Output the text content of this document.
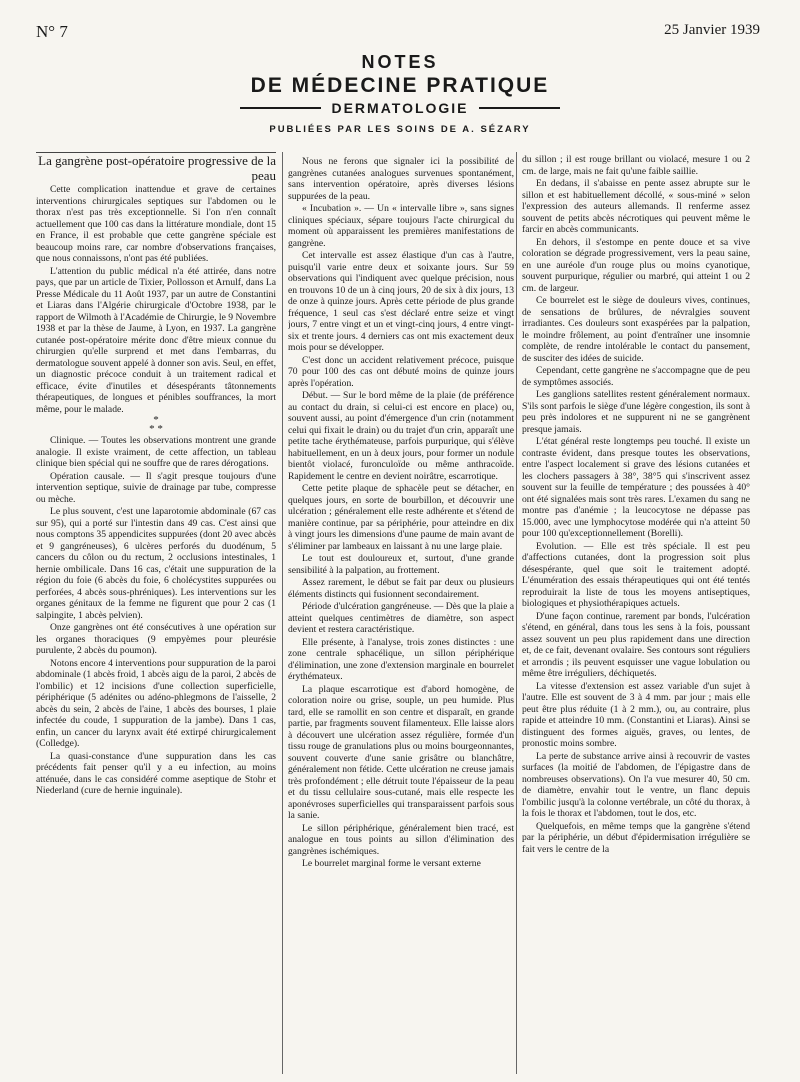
N° 7	25 Janvier 1939
NOTES
DE MÉDECINE PRATIQUE
DERMATOLOGIE
PUBLIÉES PAR LES SOINS DE A. SÉZARY

La gangrène post-opératoire progressive de la peau

Cette complication inattendue et grave de certaines interventions chirurgicales septiques sur l'abdomen ou le thorax n'est pas très exceptionnelle. Si l'on n'en connaît actuellement que 100 cas dans la littérature mondiale, dont 15 en France, il est probable que cette gangrène spéciale est beaucoup moins rare, car nombre d'observations françaises, que nous connaissons, n'ont pas été publiées.

L'attention du public médical n'a été attirée, dans notre pays, que par un article de Tixier, Pollosson et Arnulf, dans La Presse Médicale du 11 Août 1937, par un autre de Constantini et Liaras dans l'Algérie chirurgicale d'Octobre 1938, par le rapport de Wilmoth à l'Académie de Chirurgie, le 9 Novembre 1938 et par la thèse de Jaume, à Lyon, en 1937. La gangrène cutanée post-opératoire mérite donc d'être mieux connue du chirurgien qu'elle surprend et met dans l'embarras, du dermatologue souvent appelé à donner son avis. Seul, en effet, un diagnostic précoce conduit à un traitement radical et efficace, évite d'inutiles et désespérants tâtonnements thérapeutiques, de longues et pénibles souffrances, la mort même, pour le malade.

*
* *

Clinique. — Toutes les observations montrent une grande analogie. Il existe vraiment, de cette affection, un tableau clinique bien spécial qui ne souffre que de rares dérogations.

Opération causale. — Il s'agit presque toujours d'une intervention septique, suivie de drainage par tube, compresse ou mèche.

Le plus souvent, c'est une laparotomie abdominale (67 cas sur 95), qui a porté sur l'intestin dans 49 cas. C'est ainsi que nous comptons 35 appendicites suppurées (dont 20 avec abcès et 9 gangréneuses), 6 ulcères perforés du duodénum, 5 cancers du côlon ou du rectum, 2 occlusions intestinales, 1 hernie ombilicale. Dans 16 cas, c'était une suppuration de la région du foie (6 abcès du foie, 6 cholécystites suppurées ou perforées, 4 abcès sous-phréniques). Les interventions sur les organes génitaux de la femme ne figurent que pour 2 cas (1 salpingite, 1 abcès pelvien).

Onze gangrènes ont été consécutives à une opération sur les organes thoraciques (9 empyèmes pour pleurésie purulente, 2 abcès du poumon).

Notons encore 4 interventions pour suppuration de la paroi abdominale (1 abcès froid, 1 abcès aigu de la paroi, 2 abcès de l'ombilic) et 12 incisions d'une collection superficielle, périphérique (5 adénites ou adéno-phlegmons de l'aisselle, 2 abcès du sein, 2 abcès de l'aine, 1 abcès des bourses, 1 plaie infectée du coude, 1 suppuration de la jambe). Dans 1 cas, enfin, un cancer du larynx avait été extirpé chirurgicalement (Colledge).

La quasi-constance d'une suppuration dans les cas précédents fait penser qu'il y a eu infection, au moins atténuée, dans le cas considéré comme aseptique de Stohr et Niederland (cure de hernie inguinale).

Nous ne ferons que signaler ici la possibilité de gangrènes cutanées analogues survenues spontanément, sans intervention opératoire, après diverses lésions suppurées de la peau.

« Incubation ». — Un « intervalle libre », sans signes cliniques spéciaux, sépare toujours l'acte chirurgical du moment où apparaissent les premières manifestations de gangrène.

Cet intervalle est assez élastique d'un cas à l'autre, puisqu'il varie entre deux et soixante jours. Sur 59 observations qui l'indiquent avec quelque précision, nous en trouvons 10 de un à cinq jours, 20 de six à dix jours, 13 de onze à quinze jours. Après cette période de plus grande fréquence, 1 seul cas s'est déclaré entre seize et vingt jours, 7 entre vingt et un et vingt-cinq jours, 4 entre vingt-six et trente jours. 4 derniers cas ont mis exactement deux mois pour se développer.

C'est donc un accident relativement précoce, puisque 70 pour 100 des cas ont débuté moins de quinze jours après l'opération.

Début. — Sur le bord même de la plaie (de préférence au contact du drain, si celui-ci est encore en place) ou, souvent aussi, au point d'émergence d'un crin (notamment celui qui fixait le drain) ou du trajet d'un crin, apparaît une petite tache érythémateuse, parfois purpurique, qui s'élève habituellement, en un à deux jours, pour former un nodule bientôt violacé, furonculoïde ou même anthracoïde. Rapidement le centre en devient noirâtre, escarrotique.

Cette petite plaque de sphacèle peut se détacher, en quelques jours, en sorte de bourbillon, et découvrir une ulcération ; généralement elle reste adhérente et s'étend de manière continue, par sa périphérie, pour atteindre en dix à vingt jours les dimensions d'une paume de main avant de s'éliminer par lambeaux en laissant à nu une large plaie.

Le tout est douloureux et, surtout, d'une grande sensibilité à la palpation, au frottement.

Assez rarement, le début se fait par deux ou plusieurs éléments distincts qui fusionnent secondairement.

Période d'ulcération gangréneuse. — Dès que la plaie a atteint quelques centimètres de diamètre, son aspect devient et restera caractéristique.

Elle présente, à l'analyse, trois zones distinctes : une zone centrale sphacélique, un sillon périphérique d'élimination, une zone d'extension marginale en bourrelet érythémateux.

La plaque escarrotique est d'abord homogène, de coloration noire ou grise, souple, un peu humide. Plus tard, elle se ramollit en son centre et disparaît, en grande partie, par fragments souvent filamenteux. Elle laisse alors à découvert une ulcération assez régulière, formée d'un tissu rouge de granulations plus ou moins bourgeonnantes, souvent couverte d'une sanie grisâtre ou blanchâtre, généralement non fétide. Cette ulcération ne creuse jamais très profondément ; elle détruit toute l'épaisseur de la peau et du tissu cellulaire sous-cutané, mais elle respecte les aponévroses superficielles qui transparaissent parfois sous la sanie.

Le sillon périphérique, généralement bien tracé, est analogue en tous points au sillon d'élimination des gangrènes ischémiques.

Le bourrelet marginal forme le versant externe

du sillon ; il est rouge brillant ou violacé, mesure 1 ou 2 cm. de large, mais ne fait qu'une faible saillie.

En dedans, il s'abaisse en pente assez abrupte sur le sillon et est habituellement décollé, « sous-miné » selon l'expression des auteurs allemands. Il renferme assez souvent de petits abcès nécrotiques qui peuvent même le farcir en abcès communicants.

En dehors, il s'estompe en pente douce et sa vive coloration se dégrade progressivement, vers la peau saine, en une auréole d'un rouge plus ou moins cyanotique, souvent purpurique, régulier ou marbré, qui atteint 1 ou 2 cm. de largeur.

Ce bourrelet est le siège de douleurs vives, continues, de sensations de brûlures, de névralgies souvent irradiantes. Ces douleurs sont exaspérées par la palpation, le moindre frôlement, au point d'entraîner une insomnie complète, de rendre intolérable le contact du pansement, de susciter des idées de suicide.

Cependant, cette gangrène ne s'accompagne que de peu de symptômes associés.

Les ganglions satellites restent généralement normaux. S'ils sont parfois le siège d'une légère congestion, ils sont à peu près indolores et ne suppurent ni ne se gangrènent presque jamais.

L'état général reste longtemps peu touché. Il existe un contraste évident, dans presque toutes les observations, entre l'aspect localement si grave des lésions cutanées et les clochers passagers à 38°, 38°5 qui s'inscrivent assez souvent sur la feuille de température ; des poussées à 40° ont été signalées mais sont très rares. L'examen du sang ne montre pas d'anémie ; la leucocytose ne dépasse pas 15.000, avec une lymphocytose modérée qui n'a atteint 50 pour 100 qu'exceptionnellement (Borelli).

Evolution. — Elle est très spéciale. Il est peu d'affections cutanées, dont la progression soit plus désespérante, quel que soit le traitement adopté. L'énumération des essais thérapeutiques qui ont été tentés reproduirait la liste de tous les moyens antiseptiques, biologiques et physiothérapiques actuels.

D'une façon continue, rarement par bonds, l'ulcération s'étend, en général, dans tous les sens à la fois, poussant assez souvent un peu plus rapidement dans une direction et, de ce fait, devenant ovalaire. Ses contours sont réguliers et arrondis ; ils peuvent esquisser une vague lobulation ou même être irréguliers, déchiquetés.

La vitesse d'extension est assez variable d'un sujet à l'autre. Elle est souvent de 3 à 4 mm. par jour ; mais elle peut être plus réduite (1 à 2 mm.), ou, au contraire, plus rapide et atteindre 10 mm. (Constantini et Liaras). Ainsi se distinguent des formes aiguës, graves, ou lentes, de pronostic moins sombre.

La perte de substance arrive ainsi à recouvrir de vastes surfaces (la moitié de l'abdomen, de l'épigastre dans de nombreuses observations). On l'a vue mesurer 40, 50 cm. de diamètre, envahir tout le ventre, un flanc depuis l'ombilic jusqu'à la colonne vertébrale, un côté du thorax, à la fois le thorax et l'abdomen, tout le dos, etc.

Quelquefois, en même temps que la gangrène s'étend par la périphérie, un début d'épidermisation irrégulière se fait vers le centre de la
